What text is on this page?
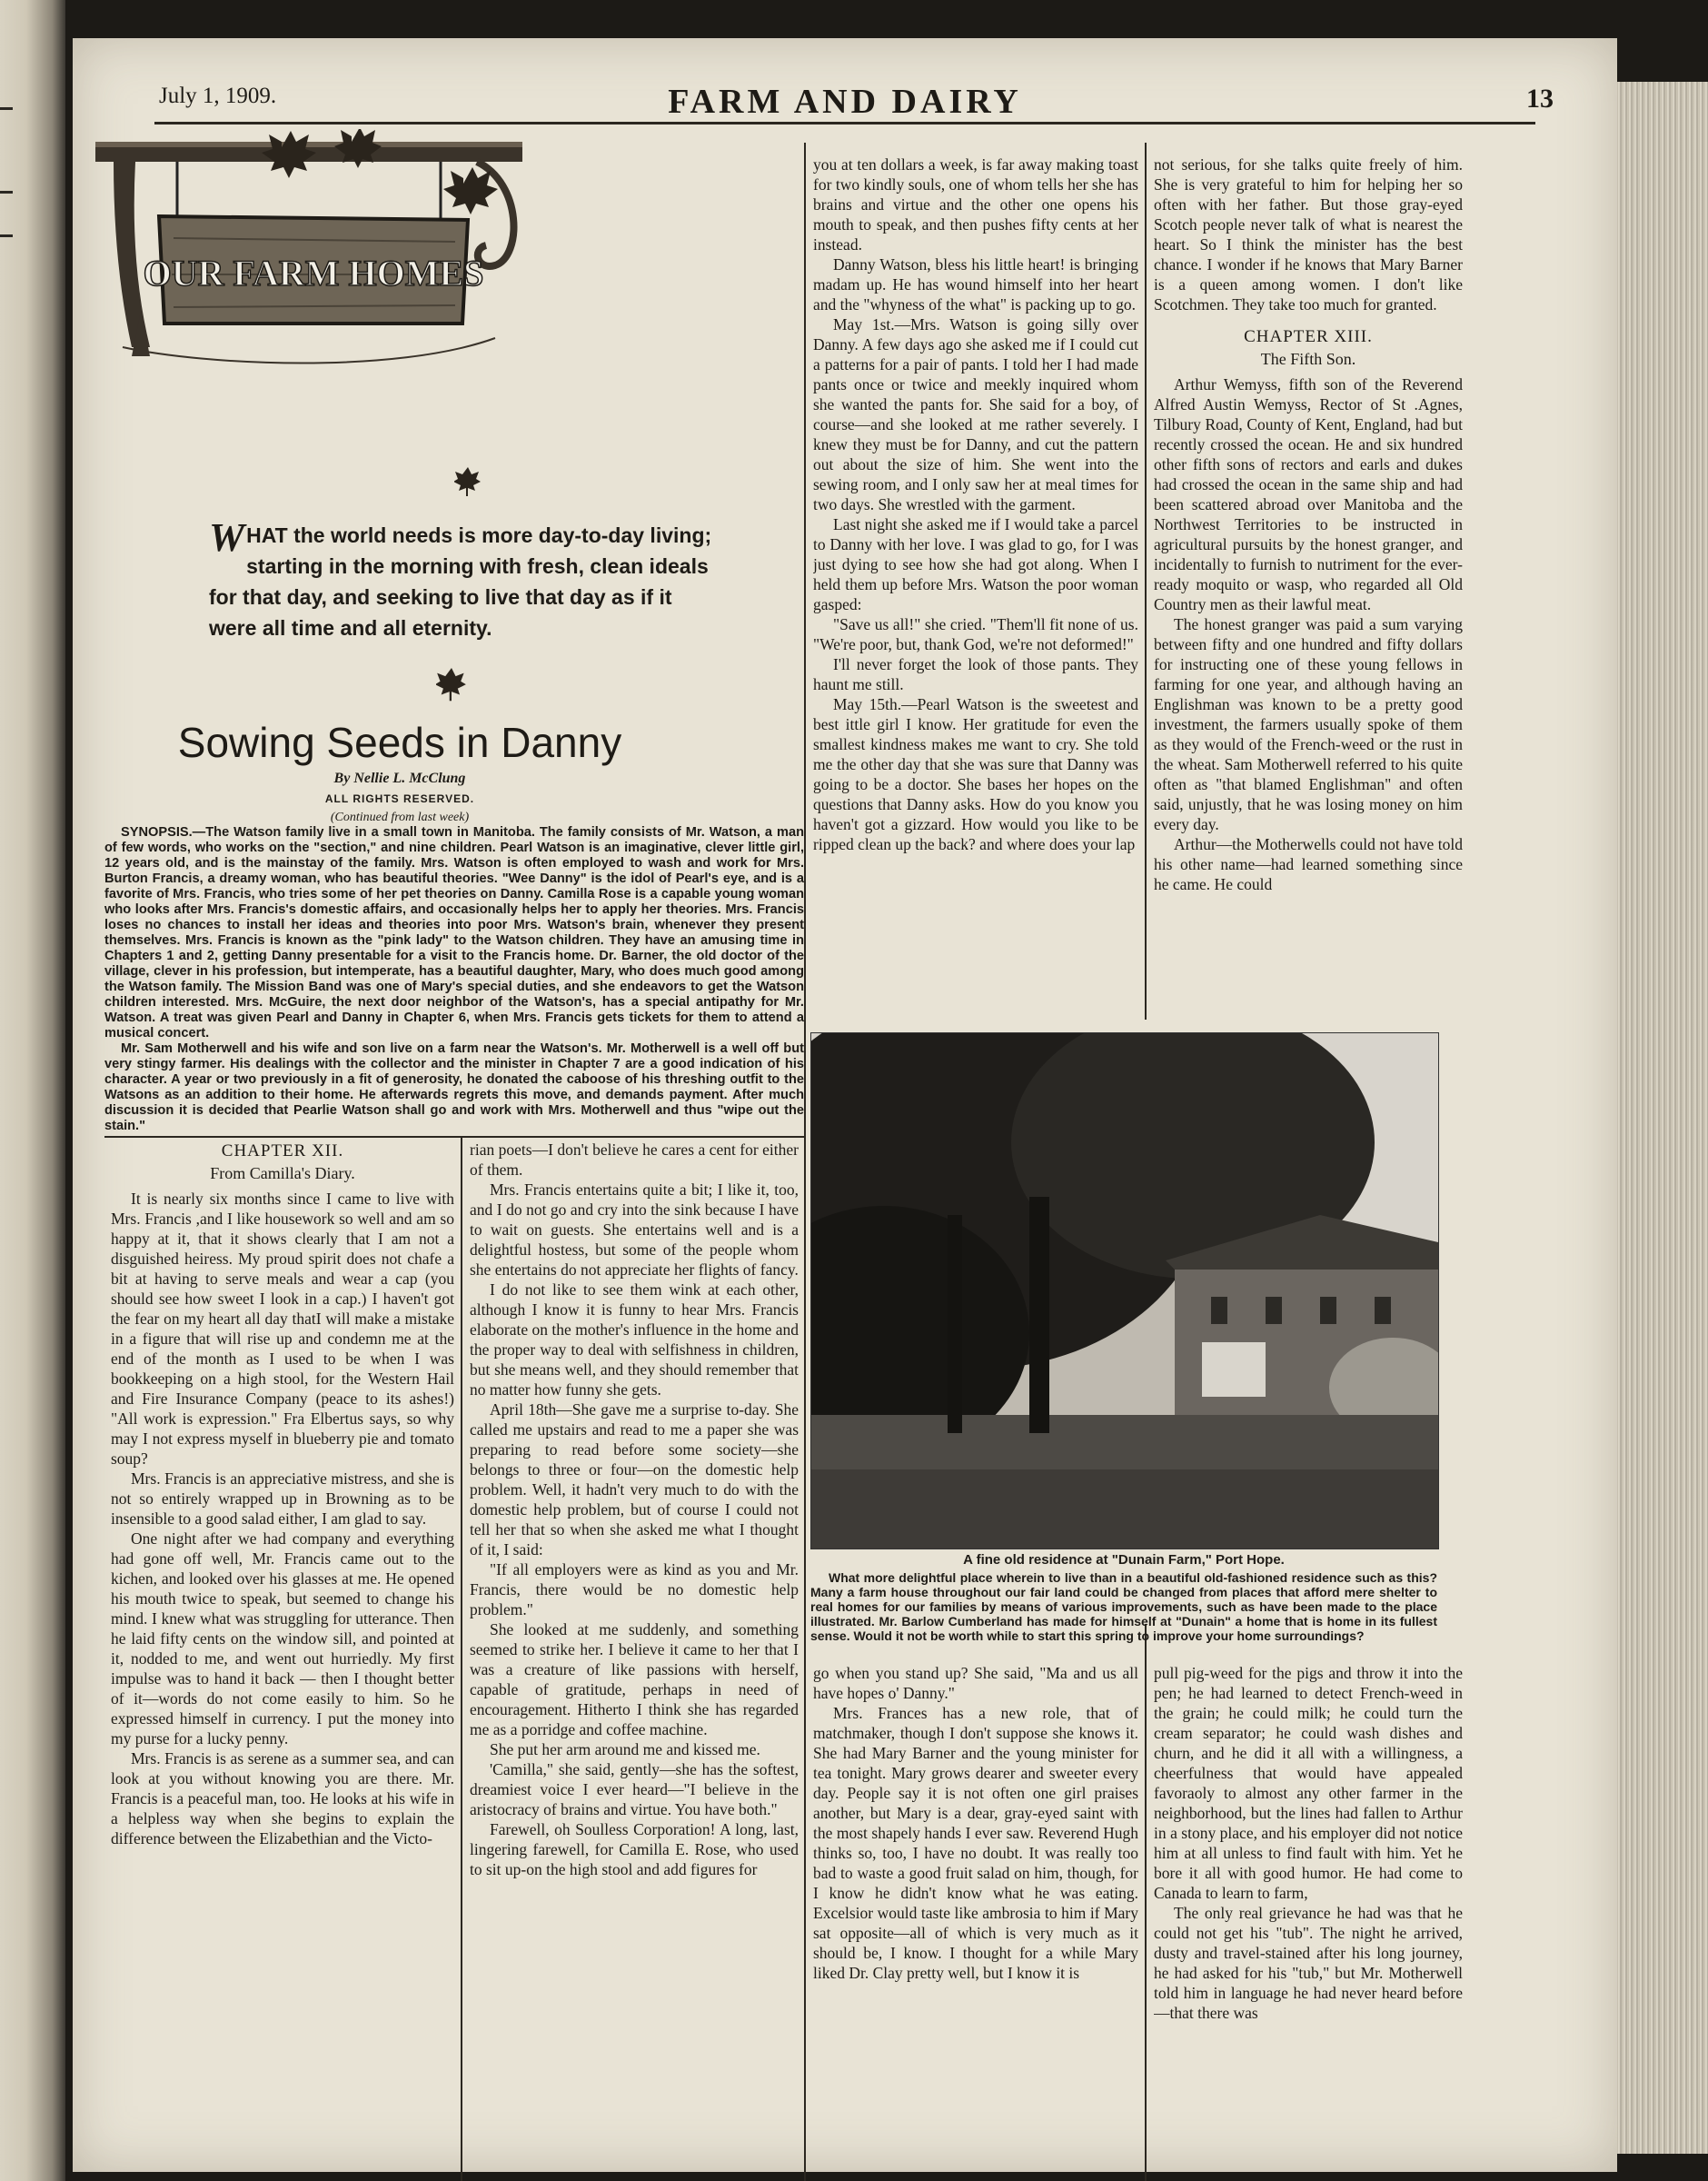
July 1, 1909.	FARM AND DAIRY	13
OUR FARM HOMES
WHAT the world needs is more day-to-day living; starting in the morning with fresh, clean ideals for that day, and seeking to live that day as if it were all time and all eternity.
Sowing Seeds in Danny
By Nellie L. McClung
ALL RIGHTS RESERVED.
(Continued from last week)

SYNOPSIS.—The Watson family live in a small town in Manitoba. The family consists of Mr. Watson, a man of few words, who works on the "section," and nine children. Pearl Watson is an imaginative, clever little girl, 12 years old, and is the mainstay of the family. Mrs. Watson is often employed to wash and work for Mrs. Burton Francis, a dreamy woman, who has beautiful theories. "Wee Danny" is the idol of Pearl's eye, and is a favorite of Mrs. Francis, who tries some of her pet theories on Danny. Camilla Rose is a capable young woman who looks after Mrs. Francis's domestic affairs, and occasionally helps her to apply her theories. Mrs. Francis loses no chances to install her ideas and theories into poor Mrs. Watson's brain, whenever they present themselves. Mrs. Francis is known as the "pink lady" to the Watson children. They have an amusing time in Chapters 1 and 2, getting Danny presentable for a visit to the Francis home. Dr. Barner, the old doctor of the village, clever in his profession, but intemperate, has a beautiful daughter, Mary, who does much good among the Watson family. The Mission Band was one of Mary's special duties, and she endeavors to get the Watson children interested. Mrs. McGuire, the next door neighbor of the Watson's, has a special antipathy for Mr. Watson. A treat was given Pearl and Danny in Chapter 6, when Mrs. Francis gets tickets for them to attend a musical concert.

Mr. Sam Motherwell and his wife and son live on a farm near the Watson's. Mr. Motherwell is a well off but very stingy farmer. His dealings with the collector and the minister in Chapter 7 are a good indication of his character. A year or two previously in a fit of generosity, he donated the caboose of his threshing outfit to the Watsons as an addition to their home. He afterwards regrets this move, and demands payment. After much discussion it is decided that Pearlie Watson shall go and work with Mrs. Motherwell and thus "wipe out the stain."

CHAPTER XII.
From Camilla's Diary.

It is nearly six months since I came to live with Mrs. Francis ,and I like housework so well and am so happy at it, that it shows clearly that I am not a disguished heiress. My proud spirit does not chafe a bit at having to serve meals and wear a cap (you should see how sweet I look in a cap.) I haven't got the fear on my heart all day thatI will make a mistake in a figure that will rise up and condemn me at the end of the month as I used to be when I was bookkeeping on a high stool, for the Western Hail and Fire Insurance Company (peace to its ashes!) "All work is expression." Fra Elbertus says, so why may I not express myself in blueberry pie and tomato soup?

Mrs. Francis is an appreciative mistress, and she is not so entirely wrapped up in Browning as to be insensible to a good salad either, I am glad to say.

One night after we had company and everything had gone off well, Mr. Francis came out to the kichen, and looked over his glasses at me. He opened his mouth twice to speak, but seemed to change his mind. I knew what was struggling for utterance. Then he laid fifty cents on the window sill, and pointed at it, nodded to me, and went out hurriedly. My first impulse was to hand it back — then I thought better of it—words do not come easily to him. So he expressed himself in currency. I put the money into my purse for a lucky penny.

Mrs. Francis is as serene as a summer sea, and can look at you without knowing you are there. Mr. Francis is a peaceful man, too. He looks at his wife in a helpless way when she begins to explain the difference between the Elizabethian and the Victo-

rian poets—I don't believe he cares a cent for either of them.

Mrs. Francis entertains quite a bit; I like it, too, and I do not go and cry into the sink because I have to wait on guests. She entertains well and is a delightful hostess, but some of the people whom she entertains do not appreciate her flights of fancy.

I do not like to see them wink at each other, although I know it is funny to hear Mrs. Francis elaborate on the mother's influence in the home and the proper way to deal with selfishness in children, but she means well, and they should remember that no matter how funny she gets.

April 18th—She gave me a surprise to-day. She called me upstairs and read to me a paper she was preparing to read before some society—she belongs to three or four—on the domestic help problem. Well, it hadn't very much to do with the domestic help problem, but of course I could not tell her that so when she asked me what I thought of it, I said:

"If all employers were as kind as you and Mr. Francis, there would be no domestic help problem."

She looked at me suddenly, and something seemed to strike her. I believe it came to her that I was a creature of like passions with herself, capable of gratitude, perhaps in need of encouragement. Hitherto I think she has regarded me as a porridge and coffee machine.

She put her arm around me and kissed me.

'Camilla," she said, gently—she has the softest, dreamiest voice I ever heard—"I believe in the aristocracy of brains and virtue. You have both."

Farewell, oh Soulless Corporation! A long, last, lingering farewell, for Camilla E. Rose, who used to sit up-on the high stool and add figures for

you at ten dollars a week, is far away making toast for two kindly souls, one of whom tells her she has brains and virtue and the other one opens his mouth to speak, and then pushes fifty cents at her instead.

Danny Watson, bless his little heart! is bringing madam up. He has wound himself into her heart and the "whyness of the what" is packing up to go.

May 1st.—Mrs. Watson is going silly over Danny. A few days ago she asked me if I could cut a patterns for a pair of pants. I told her I had made pants once or twice and meekly inquired whom she wanted the pants for. She said for a boy, of course—and she looked at me rather severely. I knew they must be for Danny, and cut the pattern out about the size of him. She went into the sewing room, and I only saw her at meal times for two days. She wrestled with the garment.

Last night she asked me if I would take a parcel to Danny with her love. I was glad to go, for I was just dying to see how she had got along. When I held them up before Mrs. Watson the poor woman gasped:

"Save us all!" she cried. "Them'll fit none of us. "We're poor, but, thank God, we're not deformed!"

I'll never forget the look of those pants. They haunt me still.

May 15th.—Pearl Watson is the sweetest and best ittle girl I know. Her gratitude for even the smallest kindness makes me want to cry. She told me the other day that she was sure that Danny was going to be a doctor. She bases her hopes on the questions that Danny asks. How do you know you haven't got a gizzard. How would you like to be ripped clean up the back? and where does your lap

not serious, for she talks quite freely of him. She is very grateful to him for helping her so often with her father. But those gray-eyed Scotch people never talk of what is nearest the heart. So I think the minister has the best chance. I wonder if he knows that Mary Barner is a queen among women. I don't like Scotchmen. They take too much for granted.

CHAPTER XIII.
The Fifth Son.

Arthur Wemyss, fifth son of the Reverend Alfred Austin Wemyss, Rector of St .Agnes, Tilbury Road, County of Kent, England, had but recently crossed the ocean. He and six hundred other fifth sons of rectors and earls and dukes had crossed the ocean in the same ship and had been scattered abroad over Manitoba and the Northwest Territories to be instructed in agricultural pursuits by the honest granger, and incidentally to furnish to nutriment for the ever-ready moquito or wasp, who regarded all Old Country men as their lawful meat.

The honest granger was paid a sum varying between fifty and one hundred and fifty dollars for instructing one of these young fellows in farming for one year, and although having an Englishman was known to be a pretty good investment, the farmers usually spoke of them as they would of the French-weed or the rust in the wheat. Sam Motherwell referred to his quite often as "that blamed Englishman" and often said, unjustly, that he was losing money on him every day.

Arthur—the Motherwells could not have told his other name—had learned something since he came. He could

A fine old residence at "Dunain Farm," Port Hope.

What more delightful place wherein to live than in a beautiful old-fashioned residence such as this? Many a farm house throughout our fair land could be changed from places that afford mere shelter to real homes for our families by means of various improvements, such as have been made to the place illustrated. Mr. Barlow Cumberland has made for himself at "Dunain" a home that is home in its fullest sense. Would it not be worth while to start this spring to improve your home surroundings?

go when you stand up? She said, "Ma and us all have hopes o' Danny."

Mrs. Frances has a new role, that of matchmaker, though I don't suppose she knows it. She had Mary Barner and the young minister for tea tonight. Mary grows dearer and sweeter every day. People say it is not often one girl praises another, but Mary is a dear, gray-eyed saint with the most shapely hands I ever saw. Reverend Hugh thinks so, too, I have no doubt. It was really too bad to waste a good fruit salad on him, though, for I know he didn't know what he was eating. Excelsior would taste like ambrosia to him if Mary sat opposite—all of which is very much as it should be, I know. I thought for a while Mary liked Dr. Clay pretty well, but I know it is

pull pig-weed for the pigs and throw it into the pen; he had learned to detect French-weed in the grain; he could milk; he could turn the cream separator; he could wash dishes and churn, and he did it all with a willingness, a cheerfulness that would have appealed favoraoly to almost any other farmer in the neighborhood, but the lines had fallen to Arthur in a stony place, and his employer did not notice him at all unless to find fault with him. Yet he bore it all with good humor. He had come to Canada to learn to farm,

The only real grievance he had was that he could not get his "tub". The night he arrived, dusty and travel-stained after his long journey, he had asked for his "tub," but Mr. Motherwell told him in language he had never heard before—that there was
